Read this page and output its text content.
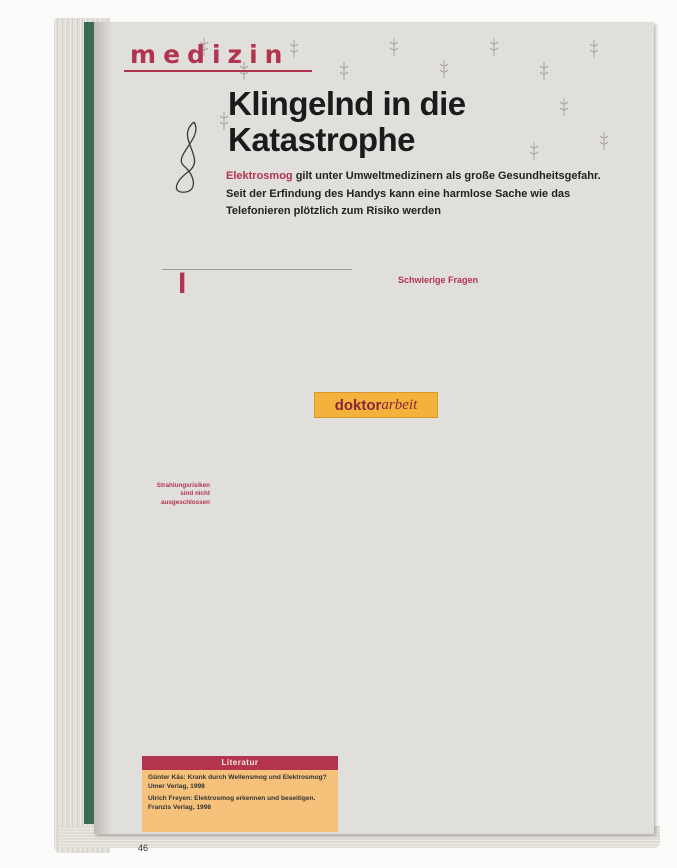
m e d i z i n
Klingelnd in die
Katastrophe
Elektrosmog gilt unter Umweltmedizinern als große Gesundheitsgefahr. Seit der Erfindung des Handys kann eine harmlose Sache wie das Telefonieren plötzlich zum Risiko werden

I
Strahlungsrisiken sind nicht ausgeschlossen
Schwierige Fragen
doktor arbeit
Literatur

Günter Käs: Krank durch Wellensmog und Elektrosmog? Umer Verlag, 1998

Ulrich Freyen: Elektrosmog erkennen und beseitigen. Franzis Verlag, 1998

46
